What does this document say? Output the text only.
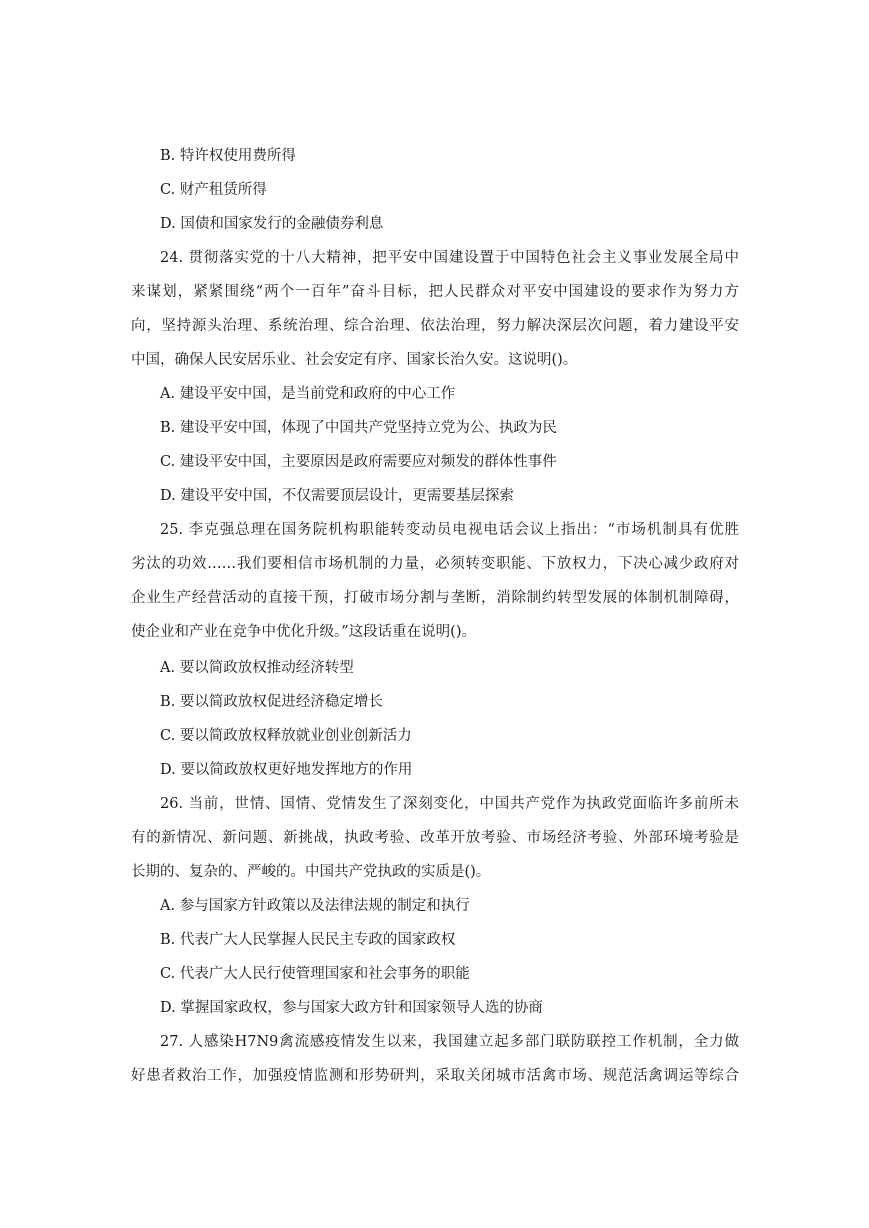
B. 特许权使用费所得
C. 财产租赁所得
D. 国债和国家发行的金融债券利息
24. 贯彻落实党的十八大精神，把平安中国建设置于中国特色社会主义事业发展全局中
来谋划，紧紧围绕“两个一百年”奋斗目标，把人民群众对平安中国建设的要求作为努力方
向，坚持源头治理、系统治理、综合治理、依法治理，努力解决深层次问题，着力建设平安
中国，确保人民安居乐业、社会安定有序、国家长治久安。这说明()。
A. 建设平安中国，是当前党和政府的中心工作
B. 建设平安中国，体现了中国共产党坚持立党为公、执政为民
C. 建设平安中国，主要原因是政府需要应对频发的群体性事件
D. 建设平安中国，不仅需要顶层设计，更需要基层探索
25. 李克强总理在国务院机构职能转变动员电视电话会议上指出：“市场机制具有优胜
劣汰的功效……我们要相信市场机制的力量，必须转变职能、下放权力，下决心减少政府对
企业生产经营活动的直接干预，打破市场分割与垄断，消除制约转型发展的体制机制障碍，
使企业和产业在竞争中优化升级。”这段话重在说明()。
A. 要以简政放权推动经济转型
B. 要以简政放权促进经济稳定增长
C. 要以简政放权释放就业创业创新活力
D. 要以简政放权更好地发挥地方的作用
26. 当前，世情、国情、党情发生了深刻变化，中国共产党作为执政党面临许多前所未
有的新情况、新问题、新挑战，执政考验、改革开放考验、市场经济考验、外部环境考验是
长期的、复杂的、严峻的。中国共产党执政的实质是()。
A. 参与国家方针政策以及法律法规的制定和执行
B. 代表广大人民掌握人民民主专政的国家政权
C. 代表广大人民行使管理国家和社会事务的职能
D. 掌握国家政权，参与国家大政方针和国家领导人选的协商
27. 人感染H7N9禽流感疫情发生以来，我国建立起多部门联防联控工作机制，全力做
好患者救治工作，加强疫情监测和形势研判，采取关闭城市活禽市场、规范活禽调运等综合
